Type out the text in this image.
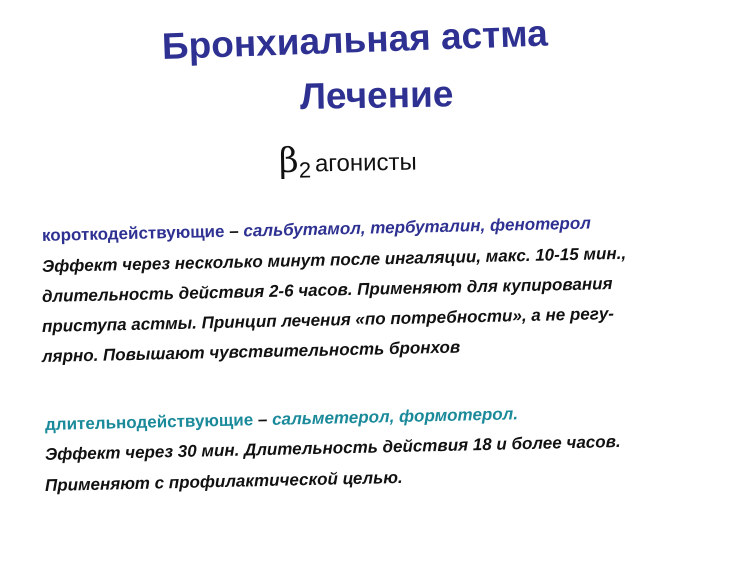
Бронхиальная астма
Лечение
β2 агонисты
короткодействующие – сальбутамол, тербуталин, фенотерол
Эффект через несколько минут после ингаляции, макс. 10-15 мин.,
длительность действия 2-6 часов. Применяют для купирования
приступа астмы. Принцип лечения «по потребности», а не регу-
лярно. Повышают чувствительность бронхов
длительнодействующие – сальметерол, формотерол.
Эффект через 30 мин. Длительность действия 18 и более часов.
Применяют с профилактической целью.
